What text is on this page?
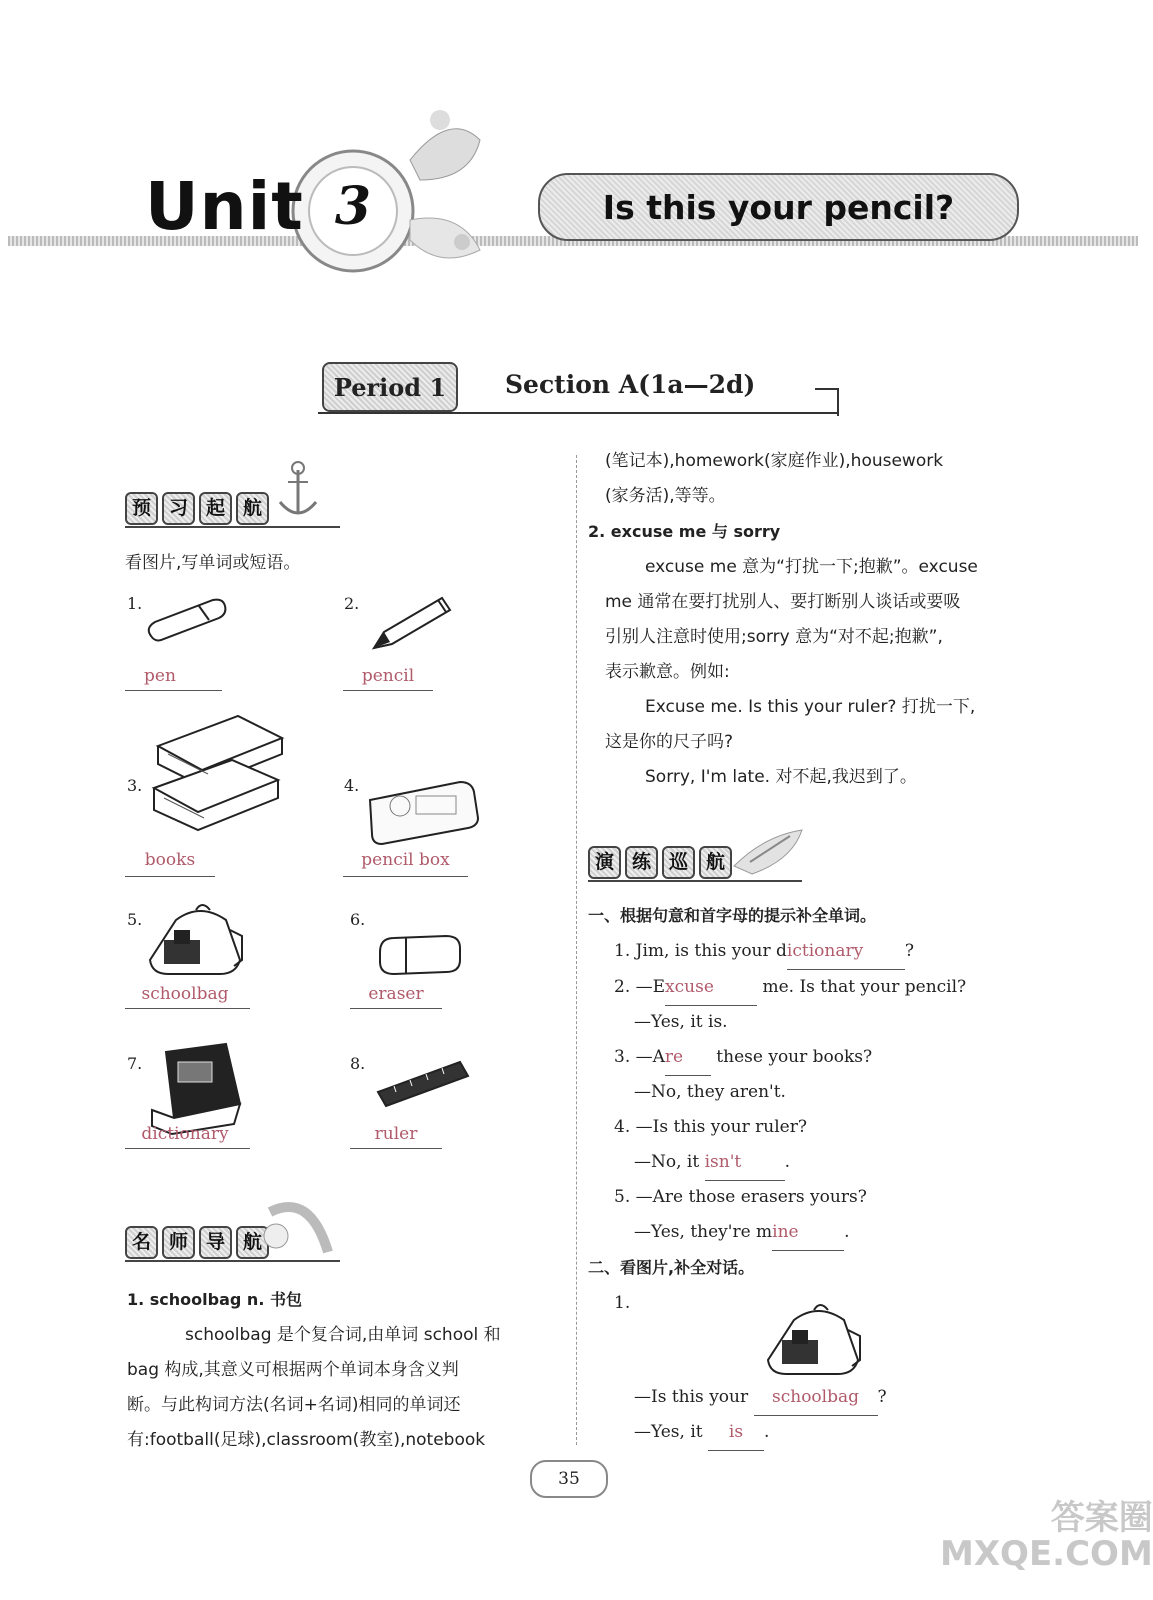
Unit 3	Is this your pencil?
Period 1	Section A(1a—2d)
预 习 起 航
看图片,写单词或短语。
1.
pen
2.
pencil
3.
books
4.
pencil box
5.
schoolbag
6.
eraser
7.
dictionary
8.
ruler
名 师 导 航
1. schoolbag n. 书包
schoolbag 是个复合词,由单词 school 和
bag 构成,其意义可根据两个单词本身含义判
断。与此构词方法(名词+名词)相同的单词还
有:football(足球),classroom(教室),notebook
(笔记本),homework(家庭作业),housework
(家务活),等等。
2. excuse me 与 sorry
excuse me 意为“打扰一下;抱歉”。excuse
me 通常在要打扰别人、要打断别人谈话或要吸
引别人注意时使用;sorry 意为“对不起;抱歉”,
表示歉意。例如:
Excuse me. Is this your ruler? 打扰一下,
这是你的尺子吗?
Sorry, I'm late. 对不起,我迟到了。
演 练 巡 航
一、根据句意和首字母的提示补全单词。
1. Jim, is this your dictionary ?
2. —Excuse	me. Is that your pencil?
—Yes, it is.
3. —Are these your books?
—No, they aren't.
4. —Is this your ruler?
—No, it isn't	.
5. —Are those erasers yours?
—Yes, they're mine	.
二、看图片,补全对话。
1.
—Is this your schoolbag ?
—Yes, it is .
35
答案圈
MXQE.COM
